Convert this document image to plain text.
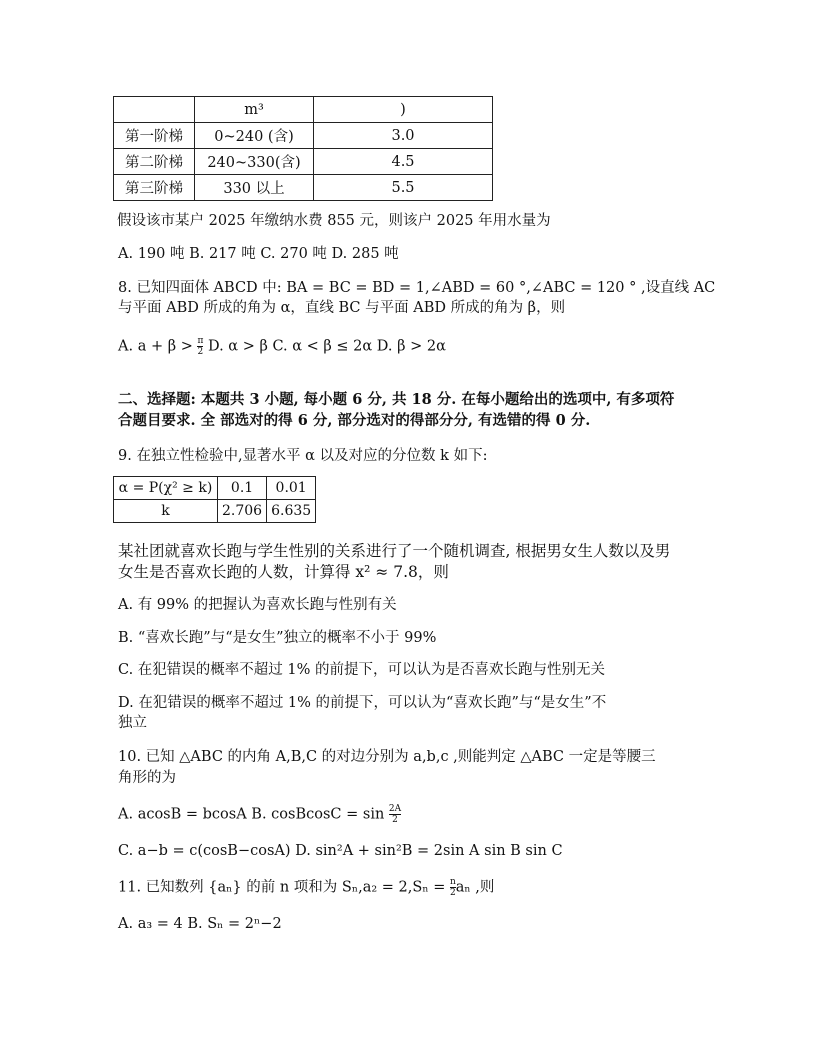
	m³	)
第一阶梯	0~240 (含)	3.0
第二阶梯	240~330(含)	4.5
第三阶梯	330 以上	5.5
假设该市某户 2025 年缴纳水费 855 元，则该户 2025 年用水量为
A. 190 吨 B. 217 吨 C. 270 吨 D. 285 吨
8. 已知四面体 ABCD 中: BA = BC = BD = 1,∠ABD = 60 °,∠ABC = 120 ° ,设直线 AC
与平面 ABD 所成的角为 α，直线 BC 与平面 ABD 所成的角为 β，则
A. $a + \beta > \frac{\pi}{2} D$. α > β C. α < β ≤ 2α D. β > 2α
二、选择题: 本题共 3 小题, 每小题 6 分, 共 18 分. 在每小题给出的选项中, 有多项符
合题目要求. 全 部选对的得 6 分, 部分选对的得部分分, 有选错的得 0 分.
9. 在独立性检验中,显著水平 α 以及对应的分位数 k 如下:
α = P(χ² ≥ k)	0.1	0.01
k	2.706	6.635
某社团就喜欢长跑与学生性别的关系进行了一个随机调查, 根据男女生人数以及男
女生是否喜欢长跑的人数，计算得 x² ≈ 7.8，则
A. 有 99% 的把握认为喜欢长跑与性别有关
B. “喜欢长跑”与“是女生”独立的概率不小于 99%
C. 在犯错误的概率不超过 1% 的前提下，可以认为是否喜欢长跑与性别无关
D. 在犯错误的概率不超过 1% 的前提下，可以认为“喜欢长跑”与“是女生”不
独立
10. 已知 △ABC 的内角 A,B,C 的对边分别为 a,b,c ,则能判定 △ABC 一定是等腰三
角形的为
A. acosB = bcosA B. cosBcosC = $\sin \frac{2A}{2}$
C. a−b = c(cosB−cosA) D. sin²A + sin²B = 2sin A sin B sin C
11. 已知数列 {aₙ} 的前 n 项和为 $S_n,a_2 = 2,S_n = \frac{n}{2}$ aₙ ,则
A. a₃ = 4 B. Sₙ = 2ⁿ−2
